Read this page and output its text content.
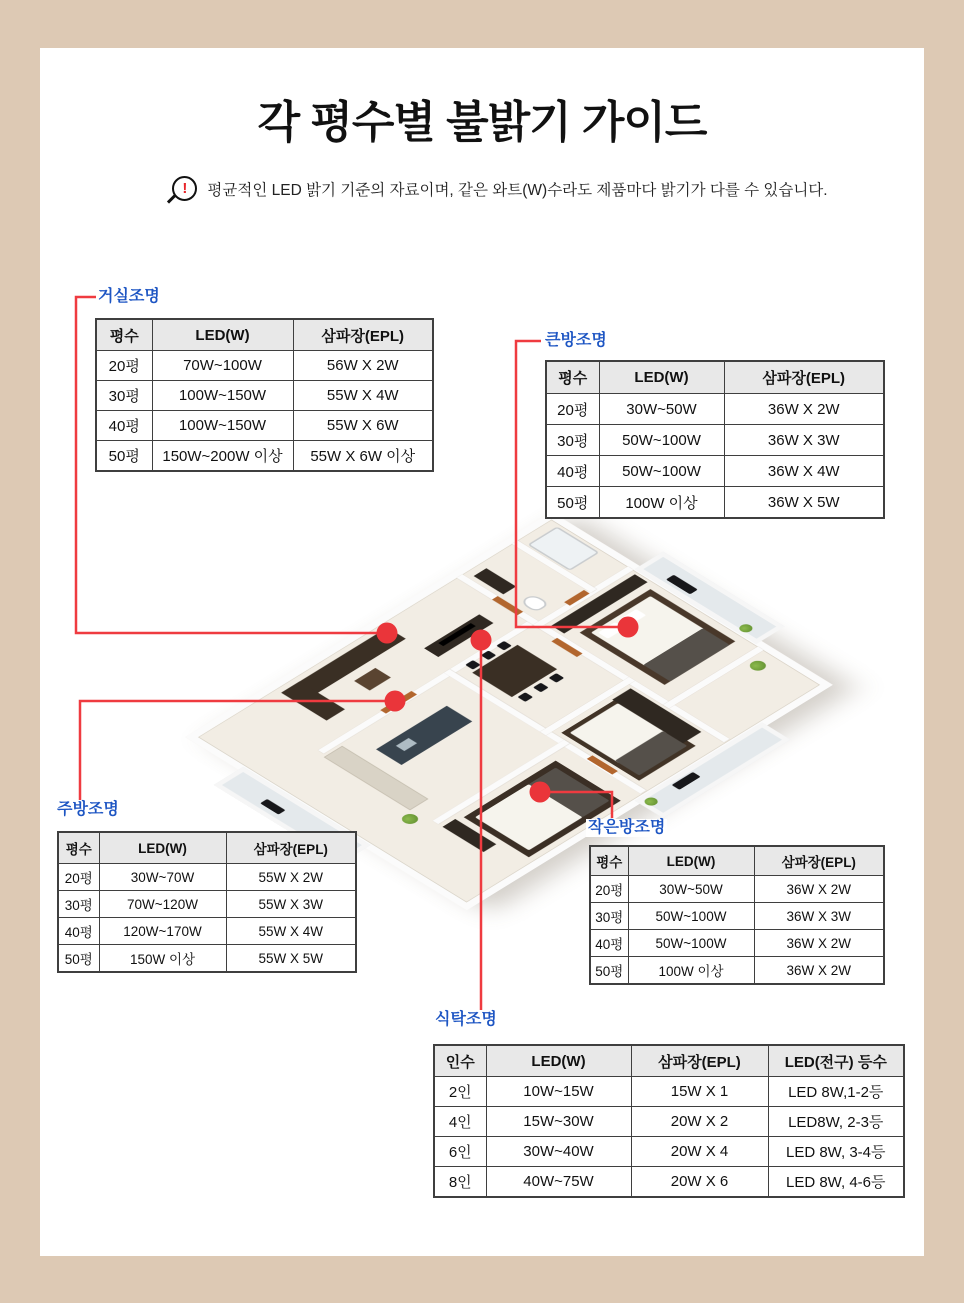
각 평수별 불밝기 가이드
!	평균적인 LED 밝기 기준의 자료이며, 같은 와트(W)수라도 제품마다 밝기가 다를 수 있습니다.
거실조명
큰방조명
주방조명
작은방조명
식탁조명
평수	LED(W)	삼파장(EPL)
20평	70W~100W	56W X 2W
30평	100W~150W	55W X 4W
40평	100W~150W	55W X 6W
50평	150W~200W 이상	55W X 6W 이상
평수	LED(W)	삼파장(EPL)
20평	30W~50W	36W X 2W
30평	50W~100W	36W X 3W
40평	50W~100W	36W X 4W
50평	100W 이상	36W X 5W
평수	LED(W)	삼파장(EPL)
20평	30W~70W	55W X 2W
30평	70W~120W	55W X 3W
40평	120W~170W	55W X 4W
50평	150W 이상	55W X 5W
평수	LED(W)	삼파장(EPL)
20평	30W~50W	36W X 2W
30평	50W~100W	36W X 3W
40평	50W~100W	36W X 2W
50평	100W 이상	36W X 2W
인수	LED(W)	삼파장(EPL)	LED(전구) 등수
2인	10W~15W	15W X 1	LED 8W,1-2등
4인	15W~30W	20W X 2	LED8W, 2-3등
6인	30W~40W	20W X 4	LED 8W, 3-4등
8인	40W~75W	20W X 6	LED 8W, 4-6등
